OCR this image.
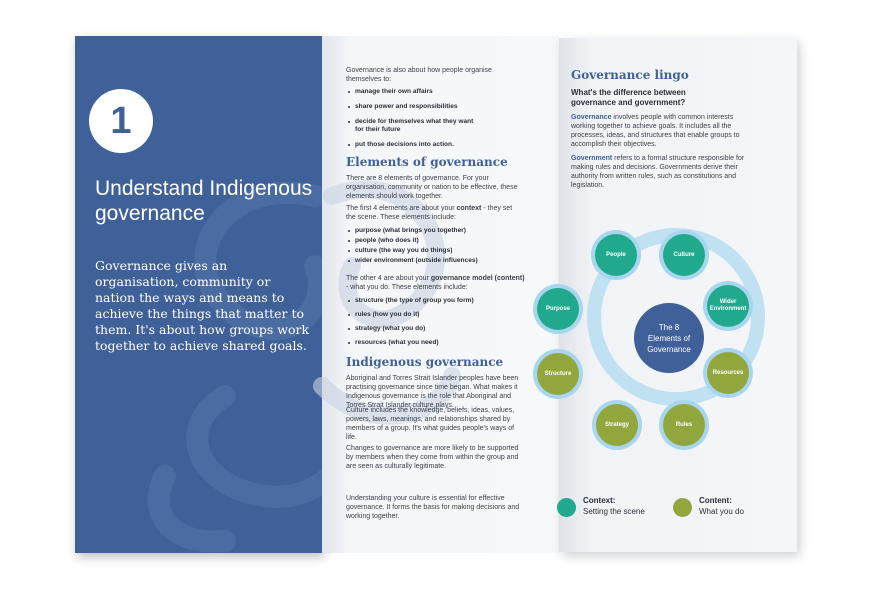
1
Understand Indigenous governance

Governance gives an organisation, community or nation the ways and means to achieve the things that matter to them. It's about how groups work together to achieve shared goals.

Governance is also about how people organise themselves to:

manage their own affairs
share power and responsibilities
decide for themselves what they want for their future
put those decisions into action.
Elements of governance

There are 8 elements of governance. For your organisation, community or nation to be effective, these elements should work together.

The first 4 elements are about your context - they set the scene. These elements include:

purpose (what brings you together)
people (who does it)
culture (the way you do things)
wider environment (outside influences)

The other 4 are about your governance model (content) - what you do. These elements include:

structure (the type of group you form)
rules (how you do it)
strategy (what you do)
resources (what you need)
Indigenous governance

Aboriginal and Torres Strait Islander peoples have been practising governance since time began. What makes it Indigenous governance is the role that Aboriginal and Torres Strait Islander culture plays.

Culture includes the knowledge, beliefs, ideas, values, powers, laws, meanings, and relationships shared by members of a group. It's what guides people's ways of life.

Changes to governance are more likely to be supported by members when they come from within the group and are seen as culturally legitimate.

Understanding your culture is essential for effective governance. It forms the basis for making decisions and working together.

Governance lingo

What's the difference between governance and government?

Governance involves people with common interests working together to achieve goals. It includes all the processes, ideas, and structures that enable groups to accomplish their objectives.

Government refers to a formal structure responsible for making rules and decisions. Governments derive their authority from written rules, such as constitutions and legislation.

The 8 Elements of Governance
People	Culture
Wider Environment
Resources
Rules
Strategy
Structure
Purpose

Context:

Setting the scene

Content:

What you do
